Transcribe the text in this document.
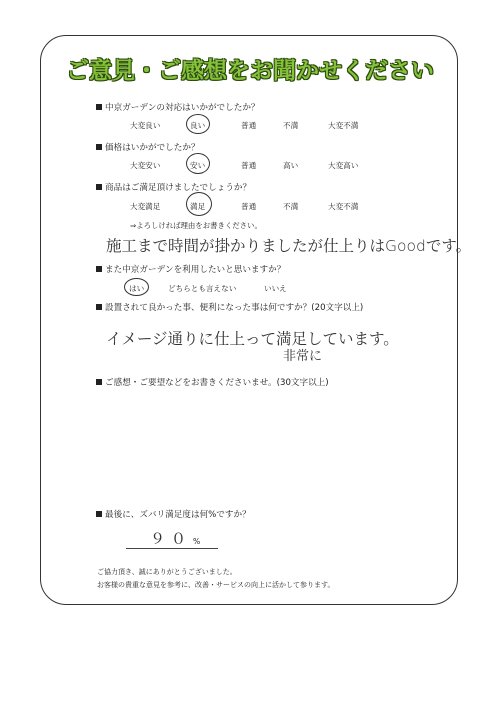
ご意見・ご感想をお聞かせください
中京ガーデンの対応はいかがでしたか？
大変良い	良い	普通	不満	大変不満
価格はいかがでしたか？
大変安い	安い	普通	高い	大変高い
商品はご満足頂けましたでしょうか？
大変満足	満足	普通	不満	大変不満
⇒よろしければ理由をお書きください。
施工まで時間が掛かりましたが仕上りはGoodです。
また中京ガーデンを利用したいと思いますか？
はい	どちらとも言えない	いいえ
設置されて良かった事、便利になった事は何ですか？(20文字以上)
イメージ通りに仕上って満足しています。
非常に
ご感想・ご要望などをお書きくださいませ。(30文字以上)
最後に、ズバリ満足度は何%ですか？
９０ %
ご協力頂き、誠にありがとうございました。
お客様の貴重な意見を参考に、改善・サービスの向上に活かして参ります。
